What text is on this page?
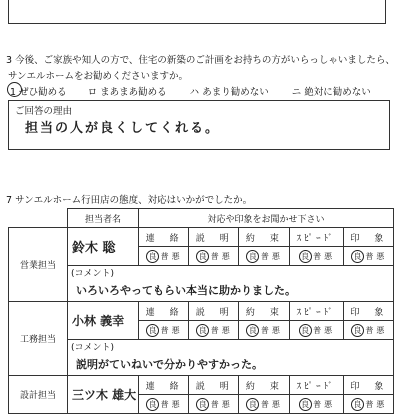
3 今後、ご家族や知人の方で、住宅の新築のご計画をお持ちの方がいらっしゃいましたら、
サンエルホームをお勧めくださいますか。
1 ぜひ勧める ロ まあまあ勧める ハ あまり勧めない ニ 絶対に勧めない
ご回答の理由
担当の人が良くしてくれる。
7 サンエルホーム行田店の態度、対応はいかがでしたか。
	担当者名	対応や印象をお聞かせ下さい				
営業担当	鈴木 聡	連　絡	説　明	約　束	ｽﾋﾟｰﾄﾞ	印　象
		良 普 悪	良 普 悪	良 普 悪	良 普 悪	良 普 悪
	(コメント)					
	いろいろやってもらい本当に助かりました。					
工務担当	小林 義幸	連　絡	説　明	約　束	ｽﾋﾟｰﾄﾞ	印　象
		良 普 悪	良 普 悪	良 普 悪	良 普 悪	良 普 悪
	(コメント)					
	説明がていねいで分かりやすかった。					
設計担当	三ツ木 雄大	連　絡	説　明	約　束	ｽﾋﾟｰﾄﾞ	印　象
		良 普 悪	良 普 悪	良 普 悪	良 普 悪	良 普 悪
